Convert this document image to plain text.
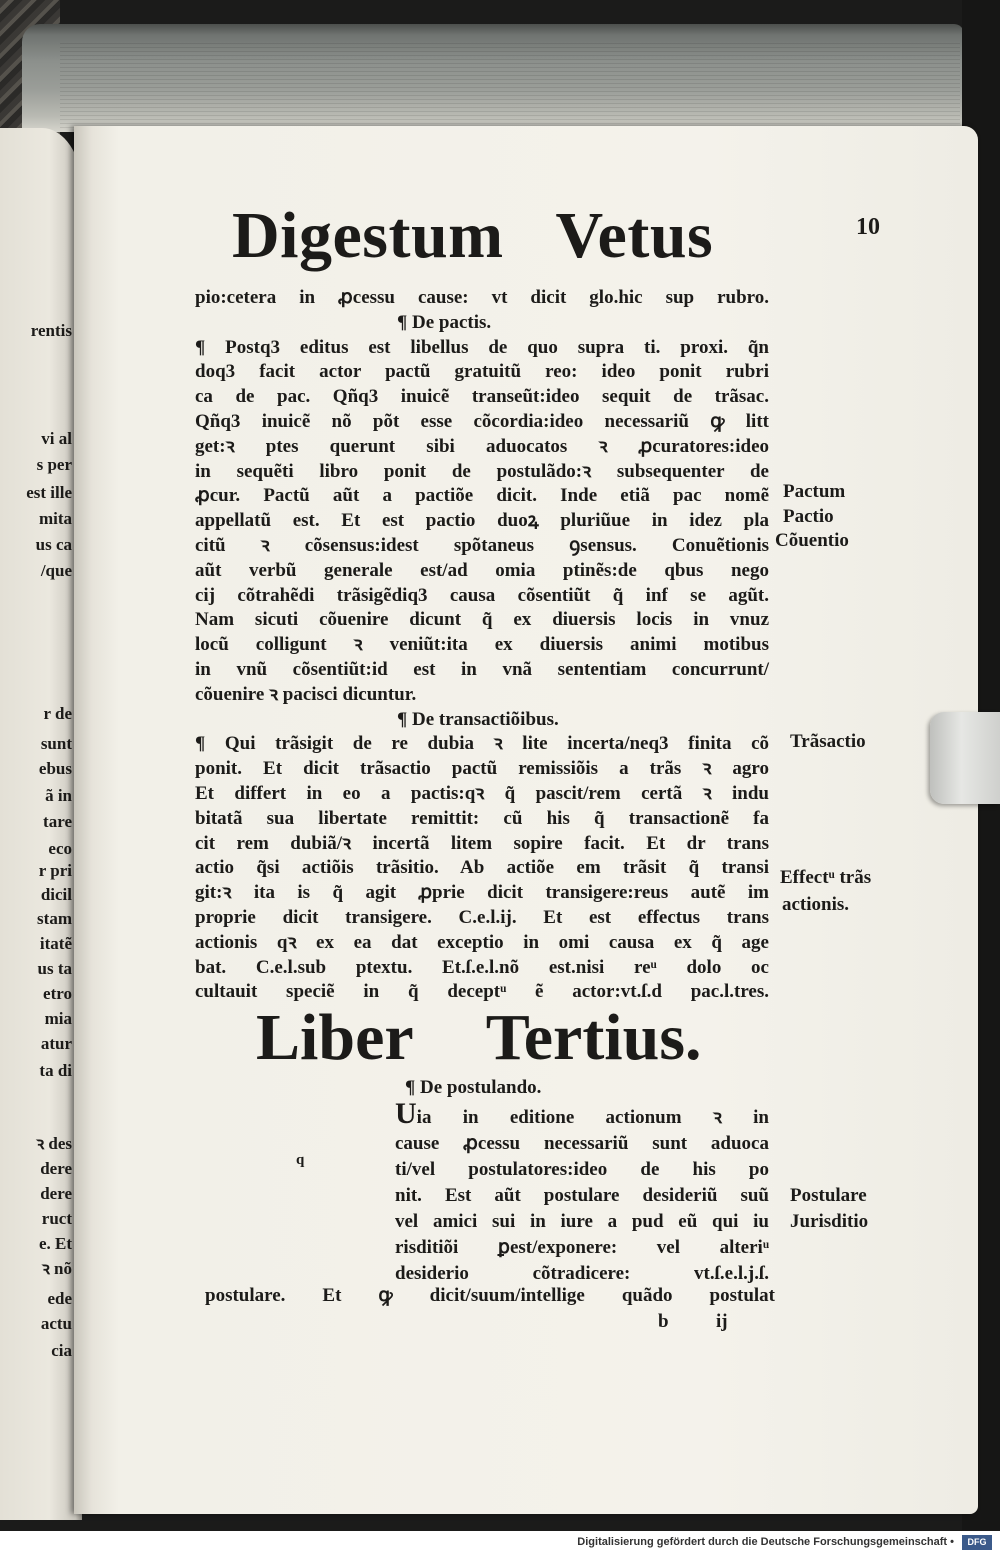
rentis
vi al
s per
est ille
mita
us ca
/que
r de
sunt
ebus
ã in
tare
eco
r pri
dicil
stam
itatẽ
us ta
etro
mia
atur
ta di
ꝛ des
dere
dere
ruct
e. Et
ꝛ nõ
ede
actu
cia
Digestum Vetus	10
pio:cetera in ꝓcessu cause: vt dicit glo.hic sup rubro.
¶ De pactis.
¶ Postq3 editus est libellus de quo supra ti. proxi. q̃n
doq3 facit actor pactũ gratuitũ reo: ideo ponit rubri
ca de pac. Qñq3 inuicẽ transeũt:ideo sequit de trãsac.
Qñq3 inuicẽ nõ põt esse cõcordia:ideo necessariũ ꝙ litt
get:ꝛ ptes querunt sibi aduocatos ꝛ ꝓcuratores:ideo
in sequẽti libro ponit de postulãdo:ꝛ subsequenter de
ꝓcur. Pactũ aũt a pactiõe dicit. Inde etiã pac nomẽ
appellatũ est. Et est pactio duoꝝ pluriũue in idez pla
citũ ꝛ cõsensus:idest spõtaneus ꝯsensus. Conuẽtionis
aũt verbũ generale est/ad omia ptinẽs:de qbus nego
cij cõtrahẽdi trãsigẽdiq3 causa cõsentiũt q̃ inf se agũt.
Nam sicuti cõuenire dicunt q̃ ex diuersis locis in vnuz
locũ colligunt ꝛ veniũt:ita ex diuersis animi motibus
in vnũ cõsentiũt:id est in vnã sententiam concurrunt/
cõuenire ꝛ pacisci dicuntur.
¶ De transactiõibus.
¶ Qui trãsigit de re dubia ꝛ lite incerta/neq3 finita cõ
ponit. Et dicit trãsactio pactũ remissiõis a trãs ꝛ agro
Et differt in eo a pactis:qꝛ q̃ pascit/rem certã ꝛ indu
bitatã sua libertate remittit: cũ his q̃ transactionẽ fa
cit rem dubiã/ꝛ incertã litem sopire facit. Et dr trans
actio q̃si actiõis trãsitio. Ab actiõe em trãsit q̃ transi
git:ꝛ ita is q̃ agit ꝓprie dicit transigere:reus autẽ im
proprie dicit transigere. C.e.l.ij. Et est effectus trans
actionis qꝛ ex ea dat exceptio in omi causa ex q̃ age
bat. C.e.l.sub ptextu. Et.ſ.e.l.nõ est.nisi reᵘ dolo oc
cultauit speciẽ in q̃ deceptᵘ ẽ actor:vt.ſ.d pac.l.tres.
Liber Tertius.
¶ De postulando.
q
Uia in editione actionum ꝛ in
cause ꝓcessu necessariũ sunt aduoca
ti/vel postulatores:ideo de his po
nit. Est aũt postulare desideriũ suũ
vel amici sui in iure a pud eũ qui iu
risditiõi ꝑest/exponere: vel alteriᵘ
desiderio cõtradicere: vt.ſ.e.l.j.ſ.
postulare. Et ꝙ dicit/suum/intellige quãdo postulat
b ij
Pactum
Pactio
Cõuentio
Trãsactio
Effectᵘ trãs
actionis.
Postulare
Jurisditio
Digitalisierung gefördert durch die Deutsche Forschungsgemeinschaft •	DFG
